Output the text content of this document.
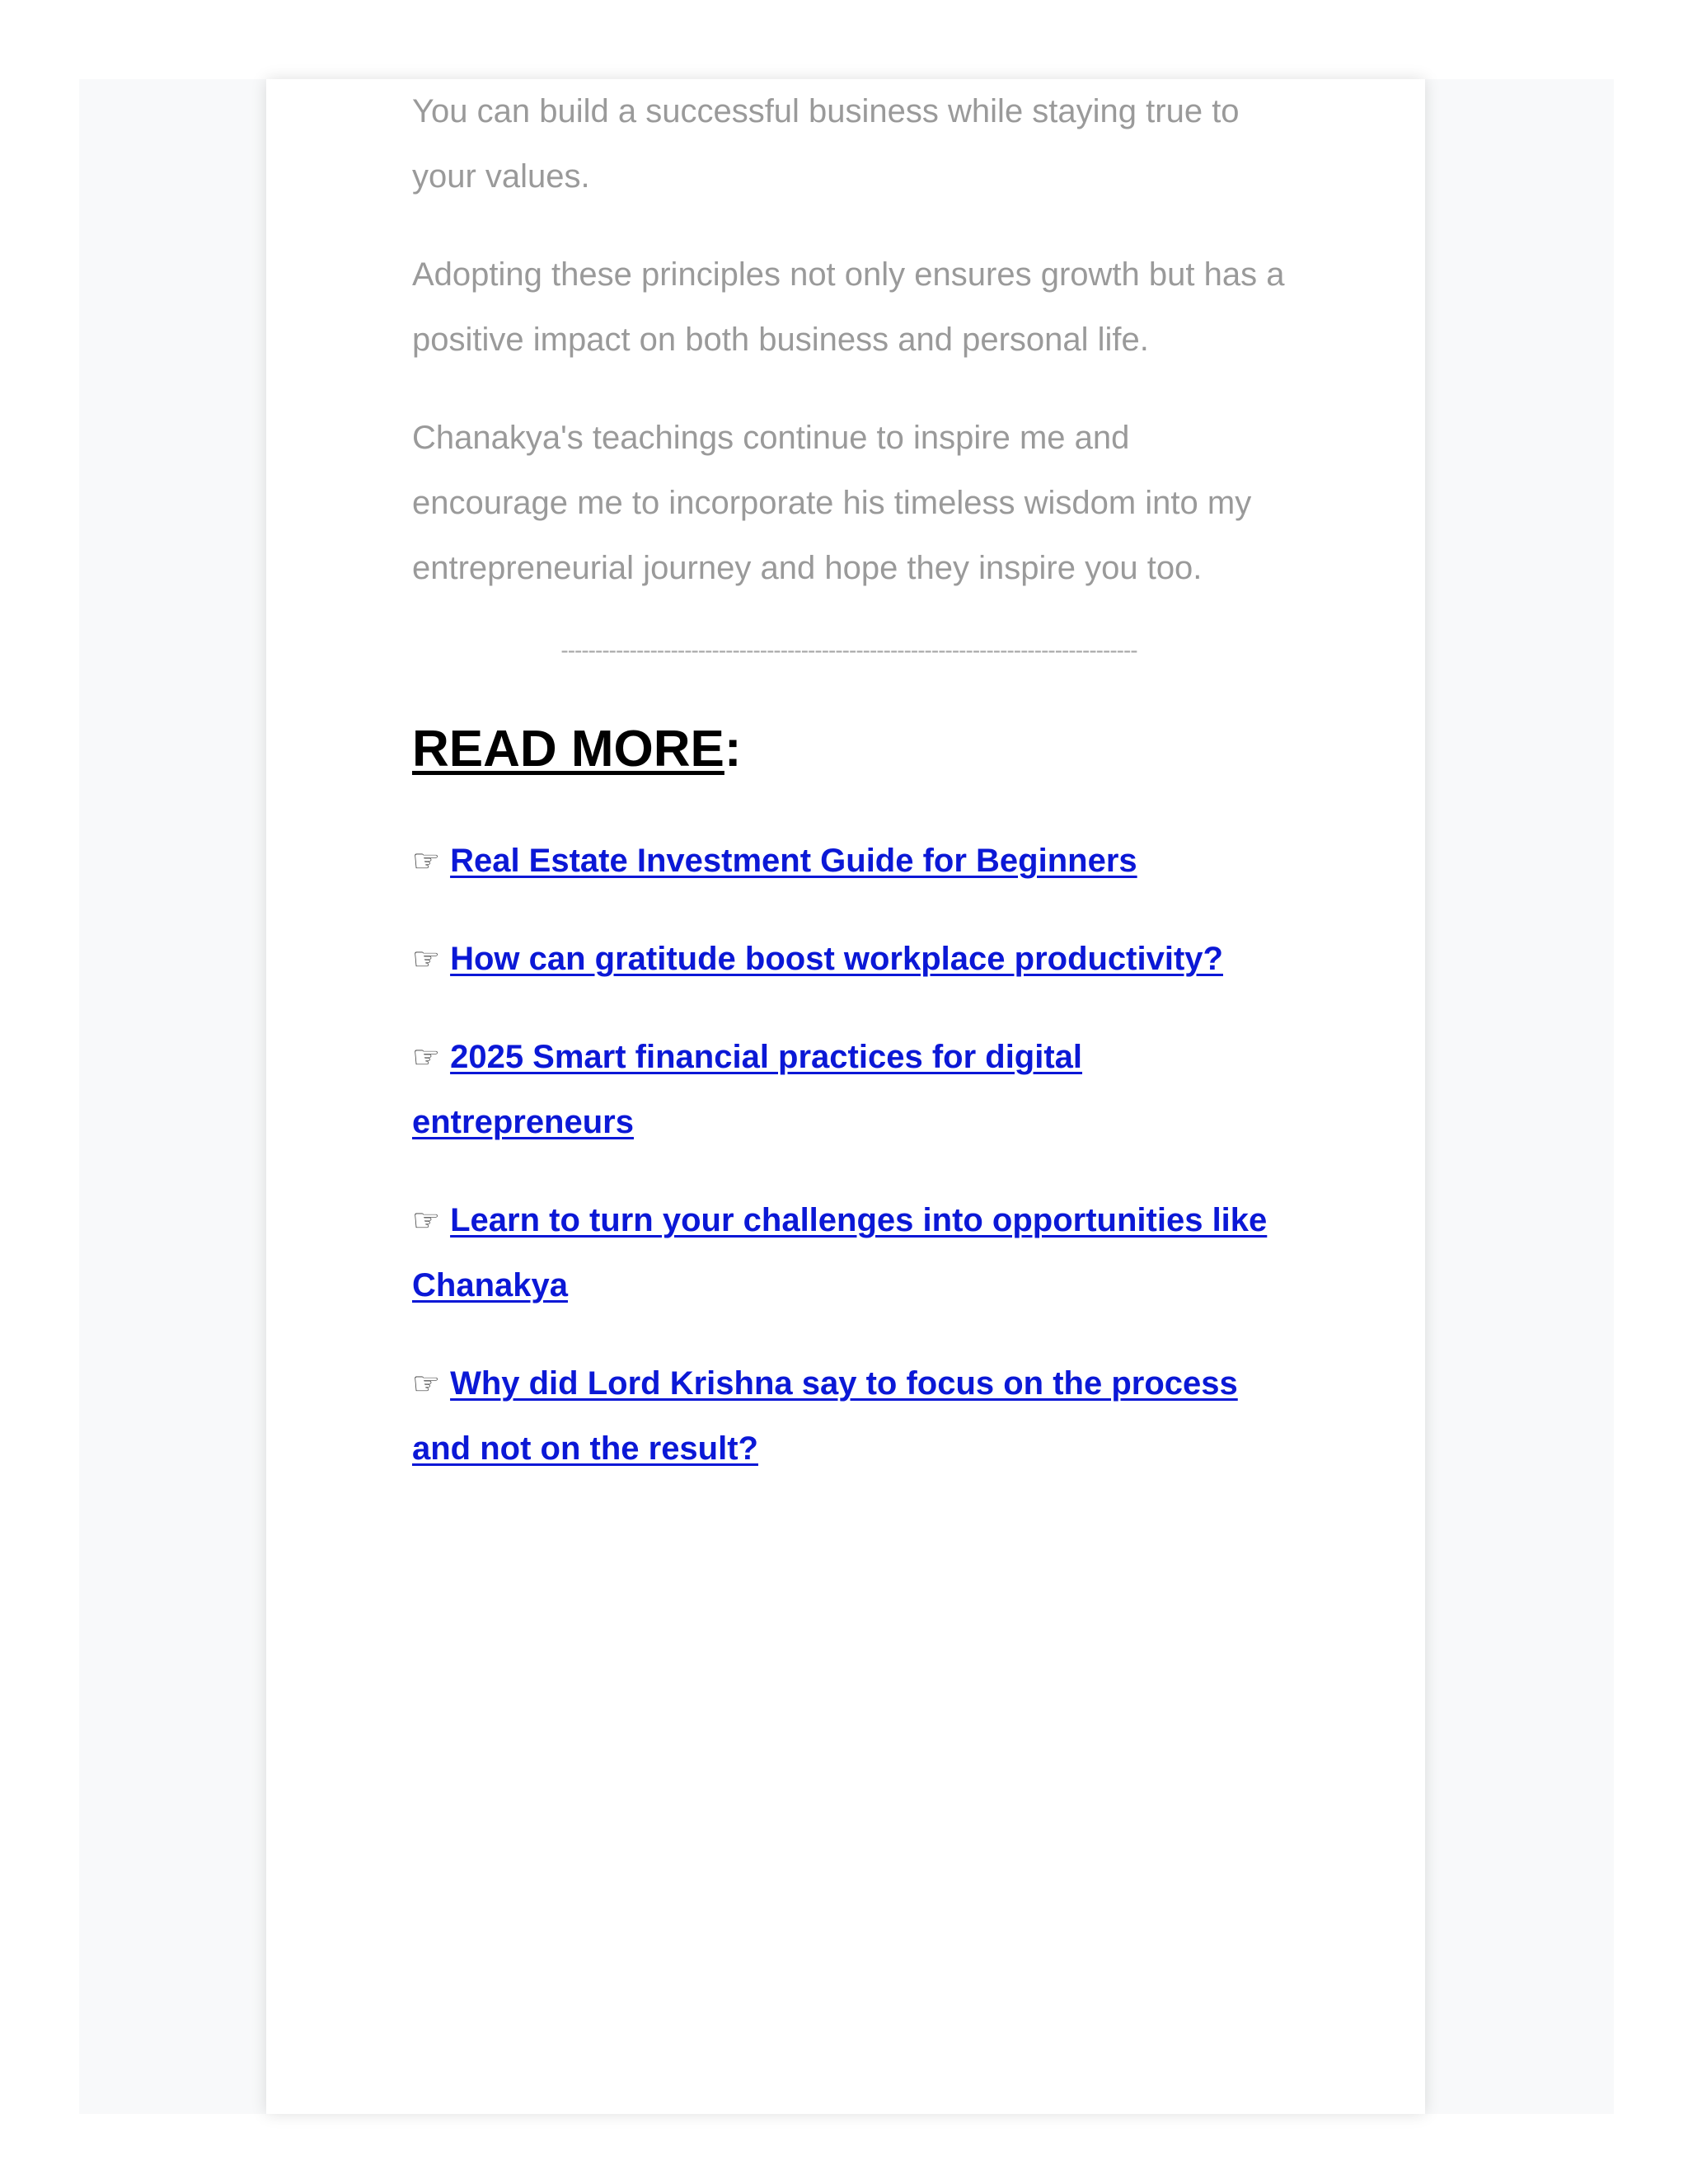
You can build a successful business while staying true to your values.

Adopting these principles not only ensures growth but has a positive impact on both business and personal life.

Chanakya's teachings continue to inspire me and encourage me to incorporate his timeless wisdom into my entrepreneurial journey and hope they inspire you too.

------------------------------------------------------------------------------------
READ MORE:
☞ Real Estate Investment Guide for Beginners
☞ How can gratitude boost workplace productivity?
☞ 2025 Smart financial practices for digital entrepreneurs
☞ Learn to turn your challenges into opportunities like Chanakya
☞ Why did Lord Krishna say to focus on the process and not on the result?
